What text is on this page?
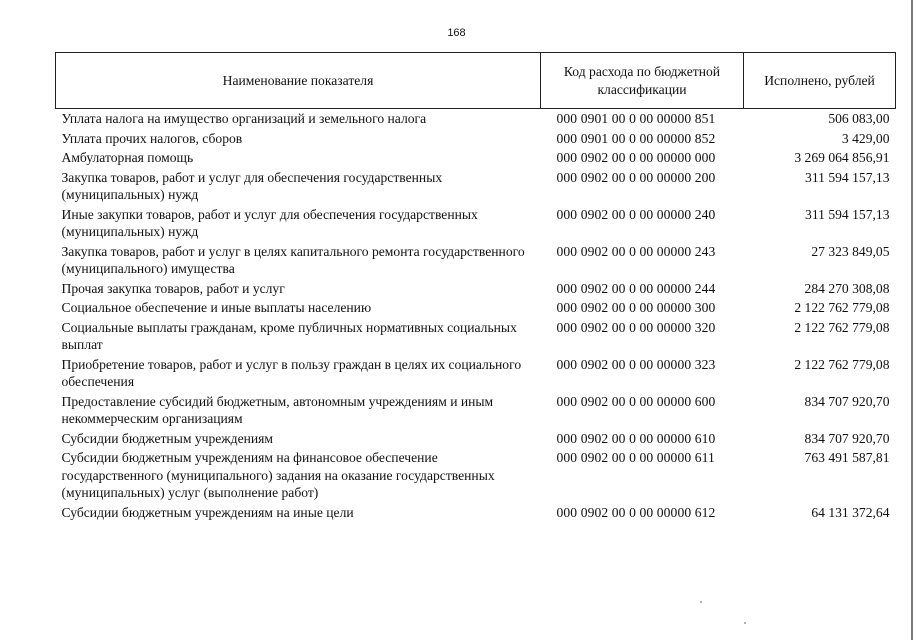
168
Наименование показателя	Код расхода по бюджетной классификации	Исполнено, рублей
Уплата налога на имущество организаций и земельного налога	000 0901 00 0 00 00000 851	506 083,00
Уплата прочих налогов, сборов	000 0901 00 0 00 00000 852	3 429,00
Амбулаторная помощь	000 0902 00 0 00 00000 000	3 269 064 856,91
Закупка товаров, работ и услуг для обеспечения государственных (муниципальных) нужд	000 0902 00 0 00 00000 200	311 594 157,13
Иные закупки товаров, работ и услуг для обеспечения государственных (муниципальных) нужд	000 0902 00 0 00 00000 240	311 594 157,13
Закупка товаров, работ и услуг в целях капитального ремонта государственного (муниципального) имущества	000 0902 00 0 00 00000 243	27 323 849,05
Прочая закупка товаров, работ и услуг	000 0902 00 0 00 00000 244	284 270 308,08
Социальное обеспечение и иные выплаты населению	000 0902 00 0 00 00000 300	2 122 762 779,08
Социальные выплаты гражданам, кроме публичных нормативных социальных выплат	000 0902 00 0 00 00000 320	2 122 762 779,08
Приобретение товаров, работ и услуг в пользу граждан в целях их социального обеспечения	000 0902 00 0 00 00000 323	2 122 762 779,08
Предоставление субсидий бюджетным, автономным учреждениям и иным некоммерческим организациям	000 0902 00 0 00 00000 600	834 707 920,70
Субсидии бюджетным учреждениям	000 0902 00 0 00 00000 610	834 707 920,70
Субсидии бюджетным учреждениям на финансовое обеспечение государственного (муниципального) задания на оказание государственных (муниципальных) услуг (выполнение работ)	000 0902 00 0 00 00000 611	763 491 587,81
Субсидии бюджетным учреждениям на иные цели	000 0902 00 0 00 00000 612	64 131 372,64
